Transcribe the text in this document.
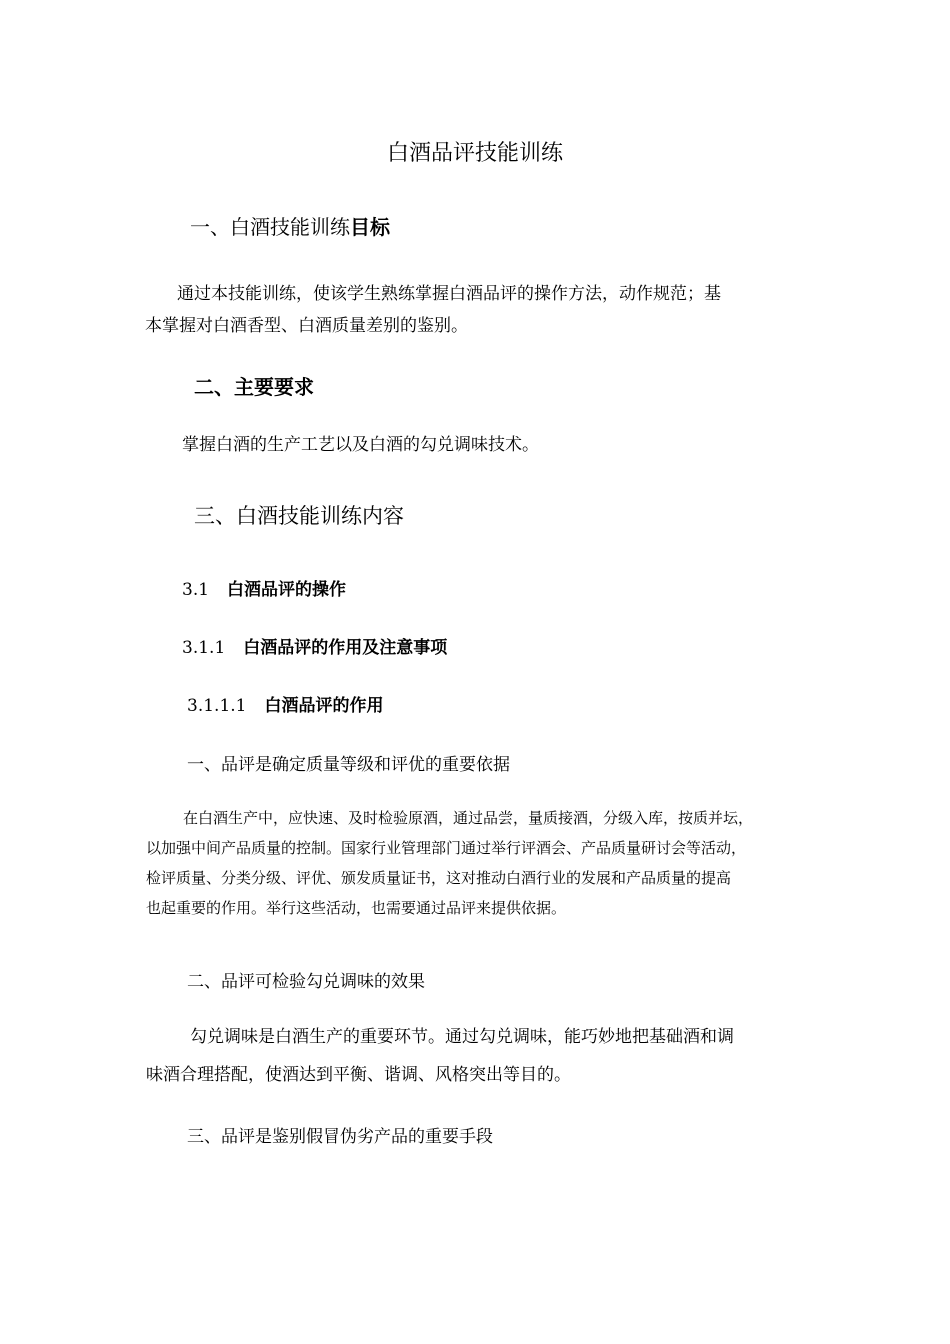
白酒品评技能训练
一、白酒技能训练目标
通过本技能训练，使该学生熟练掌握白酒品评的操作方法，动作规范；基
本掌握对白酒香型、白酒质量差别的鉴别。
二、主要要求
掌握白酒的生产工艺以及白酒的勾兑调味技术。
三、白酒技能训练内容
3.1 白酒品评的操作
3.1.1 白酒品评的作用及注意事项
3.1.1.1 白酒品评的作用
一、品评是确定质量等级和评优的重要依据
在白酒生产中，应快速、及时检验原酒，通过品尝，量质接酒，分级入库，按质并坛，
以加强中间产品质量的控制。国家行业管理部门通过举行评酒会、产品质量研讨会等活动，
检评质量、分类分级、评优、颁发质量证书，这对推动白酒行业的发展和产品质量的提高
也起重要的作用。举行这些活动，也需要通过品评来提供依据。
二、品评可检验勾兑调味的效果
勾兑调味是白酒生产的重要环节。通过勾兑调味，能巧妙地把基础酒和调
味酒合理搭配，使酒达到平衡、谐调、风格突出等目的。
三、品评是鉴别假冒伪劣产品的重要手段
